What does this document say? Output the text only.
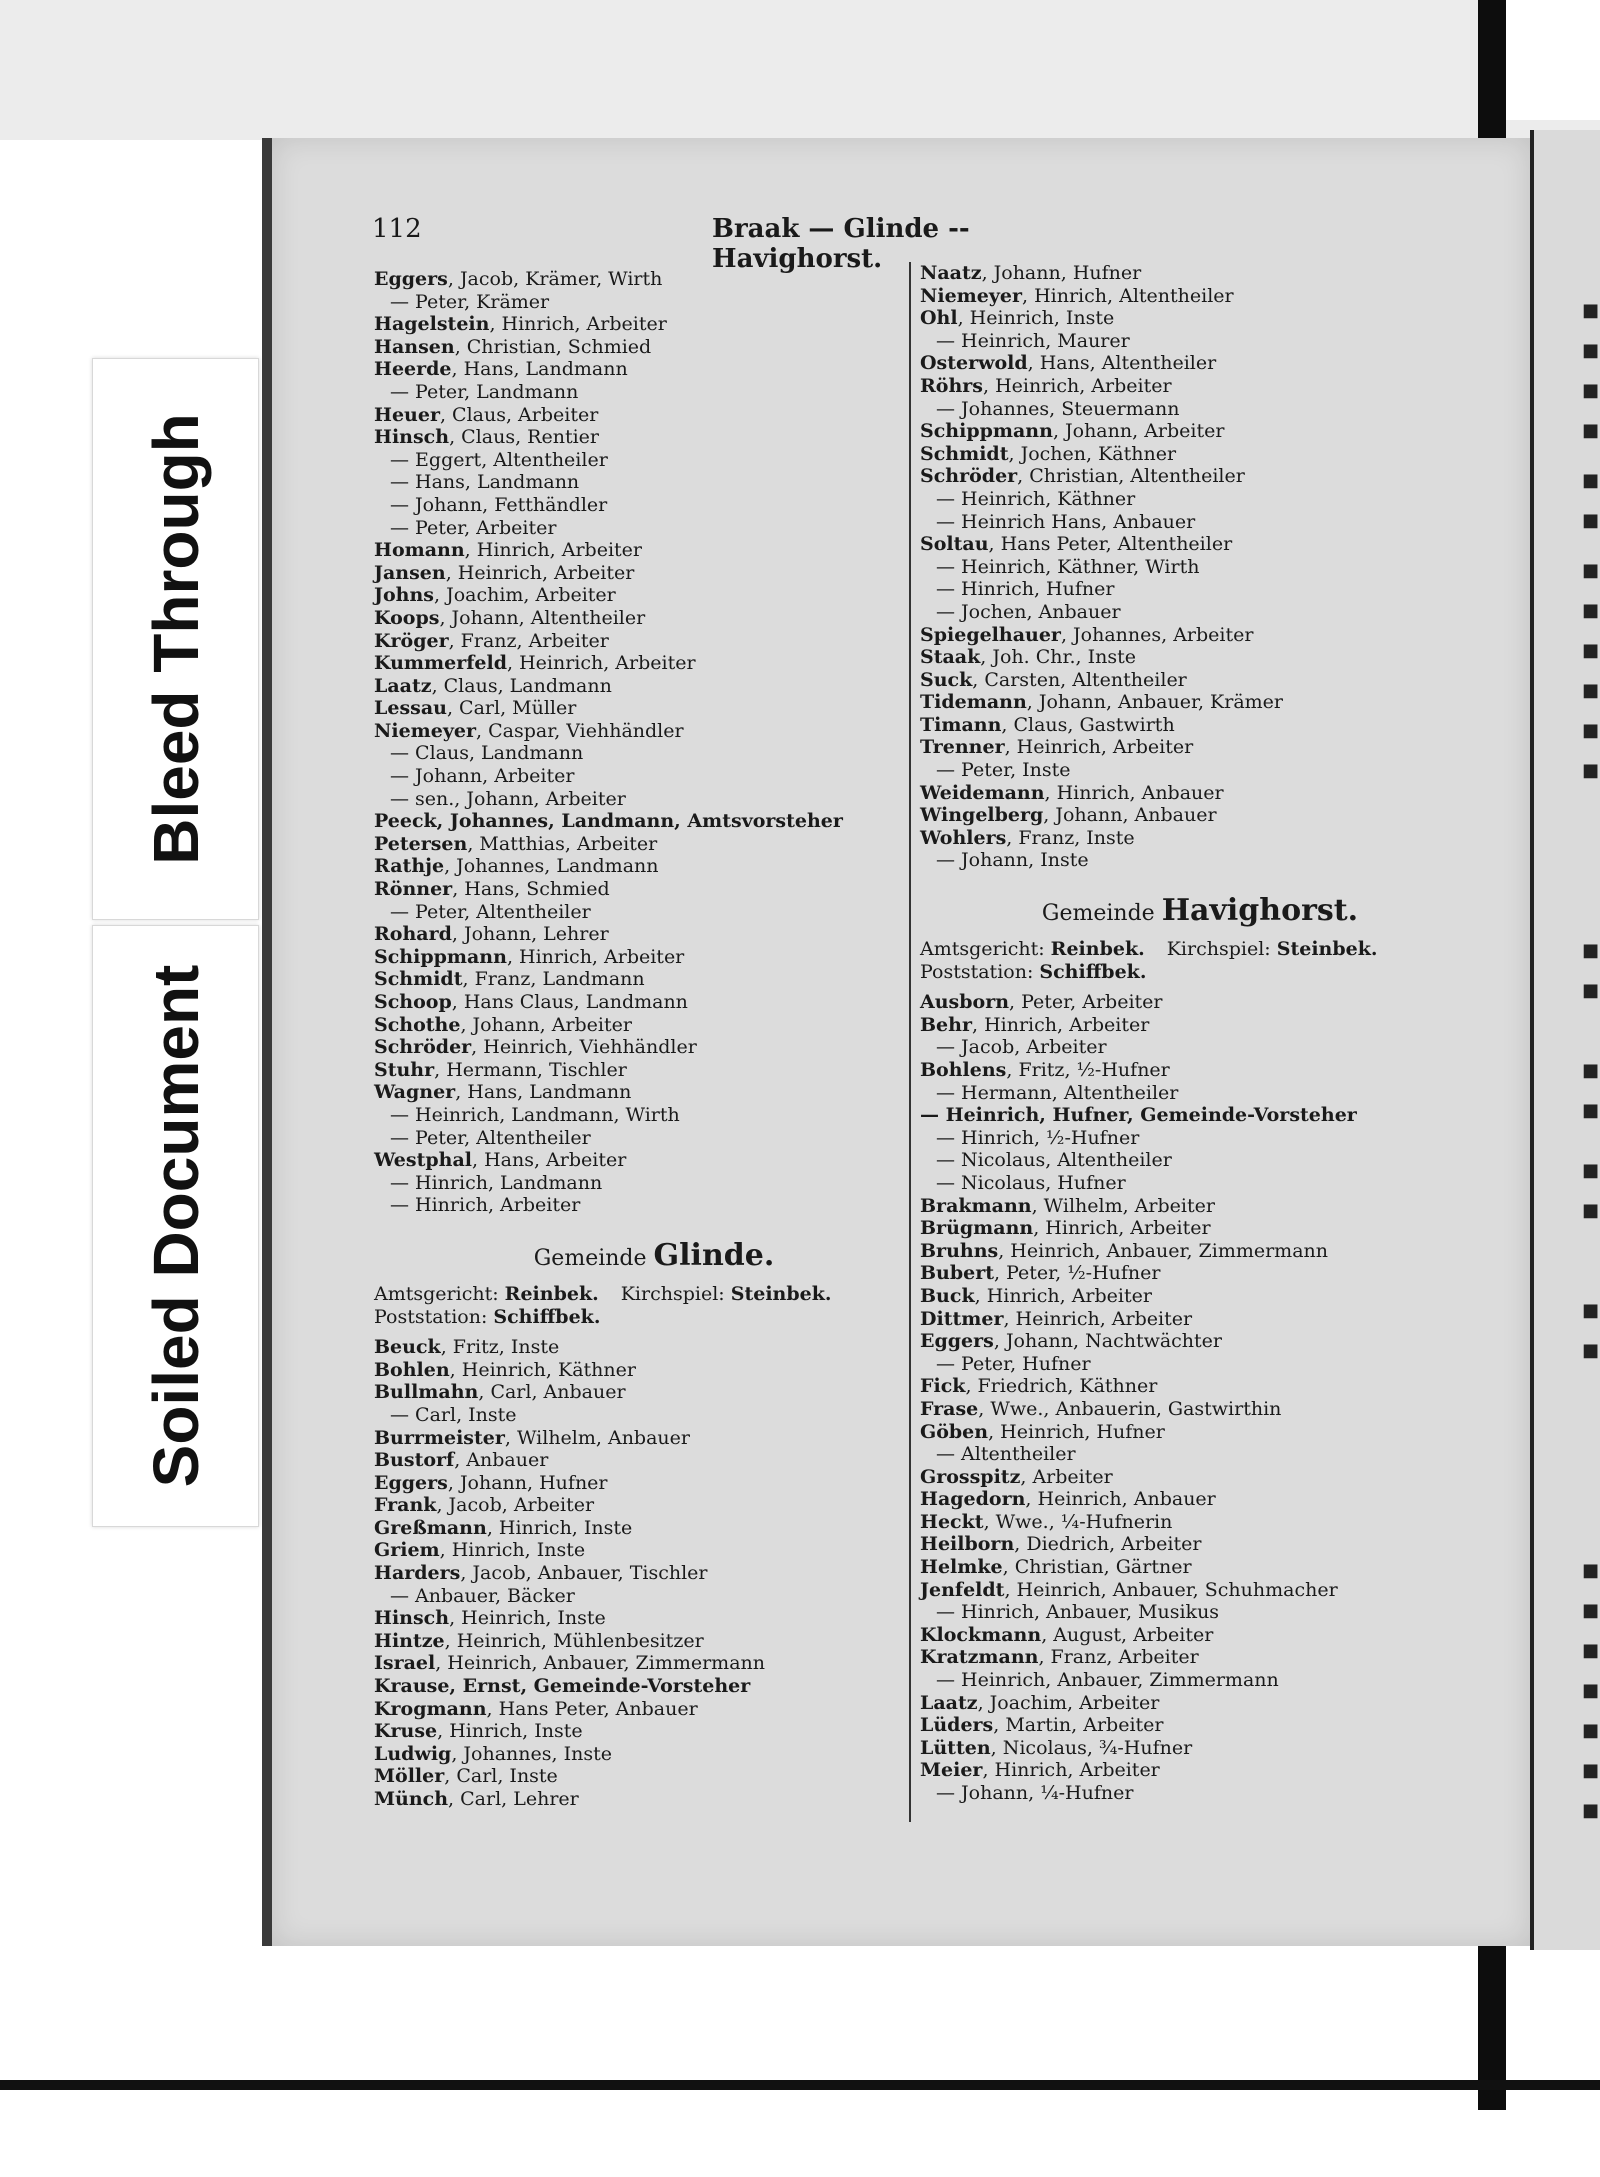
Bleed Through
Soiled Document
112	Braak — Glinde -- Havighorst.
Eggers, Jacob, Krämer, Wirth
— Peter, Krämer
Hagelstein, Hinrich, Arbeiter
Hansen, Christian, Schmied
Heerde, Hans, Landmann
— Peter, Landmann
Heuer, Claus, Arbeiter
Hinsch, Claus, Rentier
— Eggert, Altentheiler
— Hans, Landmann
— Johann, Fetthändler
— Peter, Arbeiter
Homann, Hinrich, Arbeiter
Jansen, Heinrich, Arbeiter
Johns, Joachim, Arbeiter
Koops, Johann, Altentheiler
Kröger, Franz, Arbeiter
Kummerfeld, Heinrich, Arbeiter
Laatz, Claus, Landmann
Lessau, Carl, Müller
Niemeyer, Caspar, Viehhändler
— Claus, Landmann
— Johann, Arbeiter
— sen., Johann, Arbeiter
Peeck, Johannes, Landmann, Amtsvorsteher
Petersen, Matthias, Arbeiter
Rathje, Johannes, Landmann
Rönner, Hans, Schmied
— Peter, Altentheiler
Rohard, Johann, Lehrer
Schippmann, Hinrich, Arbeiter
Schmidt, Franz, Landmann
Schoop, Hans Claus, Landmann
Schothe, Johann, Arbeiter
Schröder, Heinrich, Viehhändler
Stuhr, Hermann, Tischler
Wagner, Hans, Landmann
— Heinrich, Landmann, Wirth
— Peter, Altentheiler
Westphal, Hans, Arbeiter
— Hinrich, Landmann
— Hinrich, Arbeiter
Gemeinde Glinde.
Amtsgericht: Reinbek. Kirchspiel: Steinbek.
Poststation: Schiffbek.
Beuck, Fritz, Inste
Bohlen, Heinrich, Käthner
Bullmahn, Carl, Anbauer
— Carl, Inste
Burrmeister, Wilhelm, Anbauer
Bustorf, Anbauer
Eggers, Johann, Hufner
Frank, Jacob, Arbeiter
Greßmann, Hinrich, Inste
Griem, Hinrich, Inste
Harders, Jacob, Anbauer, Tischler
— Anbauer, Bäcker
Hinsch, Heinrich, Inste
Hintze, Heinrich, Mühlenbesitzer
Israel, Heinrich, Anbauer, Zimmermann
Krause, Ernst, Gemeinde-Vorsteher
Krogmann, Hans Peter, Anbauer
Kruse, Hinrich, Inste
Ludwig, Johannes, Inste
Möller, Carl, Inste
Münch, Carl, Lehrer
Naatz, Johann, Hufner
Niemeyer, Hinrich, Altentheiler
Ohl, Heinrich, Inste
— Heinrich, Maurer
Osterwold, Hans, Altentheiler
Röhrs, Heinrich, Arbeiter
— Johannes, Steuermann
Schippmann, Johann, Arbeiter
Schmidt, Jochen, Käthner
Schröder, Christian, Altentheiler
— Heinrich, Käthner
— Heinrich Hans, Anbauer
Soltau, Hans Peter, Altentheiler
— Heinrich, Käthner, Wirth
— Hinrich, Hufner
— Jochen, Anbauer
Spiegelhauer, Johannes, Arbeiter
Staak, Joh. Chr., Inste
Suck, Carsten, Altentheiler
Tidemann, Johann, Anbauer, Krämer
Timann, Claus, Gastwirth
Trenner, Heinrich, Arbeiter
— Peter, Inste
Weidemann, Hinrich, Anbauer
Wingelberg, Johann, Anbauer
Wohlers, Franz, Inste
— Johann, Inste
Gemeinde Havighorst.
Amtsgericht: Reinbek. Kirchspiel: Steinbek.
Poststation: Schiffbek.
Ausborn, Peter, Arbeiter
Behr, Hinrich, Arbeiter
— Jacob, Arbeiter
Bohlens, Fritz, ½-Hufner
— Hermann, Altentheiler
— Heinrich, Hufner, Gemeinde-Vorsteher
— Hinrich, ½-Hufner
— Nicolaus, Altentheiler
— Nicolaus, Hufner
Brakmann, Wilhelm, Arbeiter
Brügmann, Hinrich, Arbeiter
Bruhns, Heinrich, Anbauer, Zimmermann
Bubert, Peter, ½-Hufner
Buck, Hinrich, Arbeiter
Dittmer, Heinrich, Arbeiter
Eggers, Johann, Nachtwächter
— Peter, Hufner
Fick, Friedrich, Käthner
Frase, Wwe., Anbauerin, Gastwirthin
Göben, Heinrich, Hufner
— Altentheiler
Grosspitz, Arbeiter
Hagedorn, Heinrich, Anbauer
Heckt, Wwe., ¼-Hufnerin
Heilborn, Diedrich, Arbeiter
Helmke, Christian, Gärtner
Jenfeldt, Heinrich, Anbauer, Schuhmacher
— Hinrich, Anbauer, Musikus
Klockmann, August, Arbeiter
Kratzmann, Franz, Arbeiter
— Heinrich, Anbauer, Zimmermann
Laatz, Joachim, Arbeiter
Lüders, Martin, Arbeiter
Lütten, Nicolaus, ¾-Hufner
Meier, Hinrich, Arbeiter
— Johann, ¼-Hufner
■
■
■
■
■
■
■
■
■
■
■
■
■
■
■
■
■
■
■
■
■
■
■
■
■
■
■
